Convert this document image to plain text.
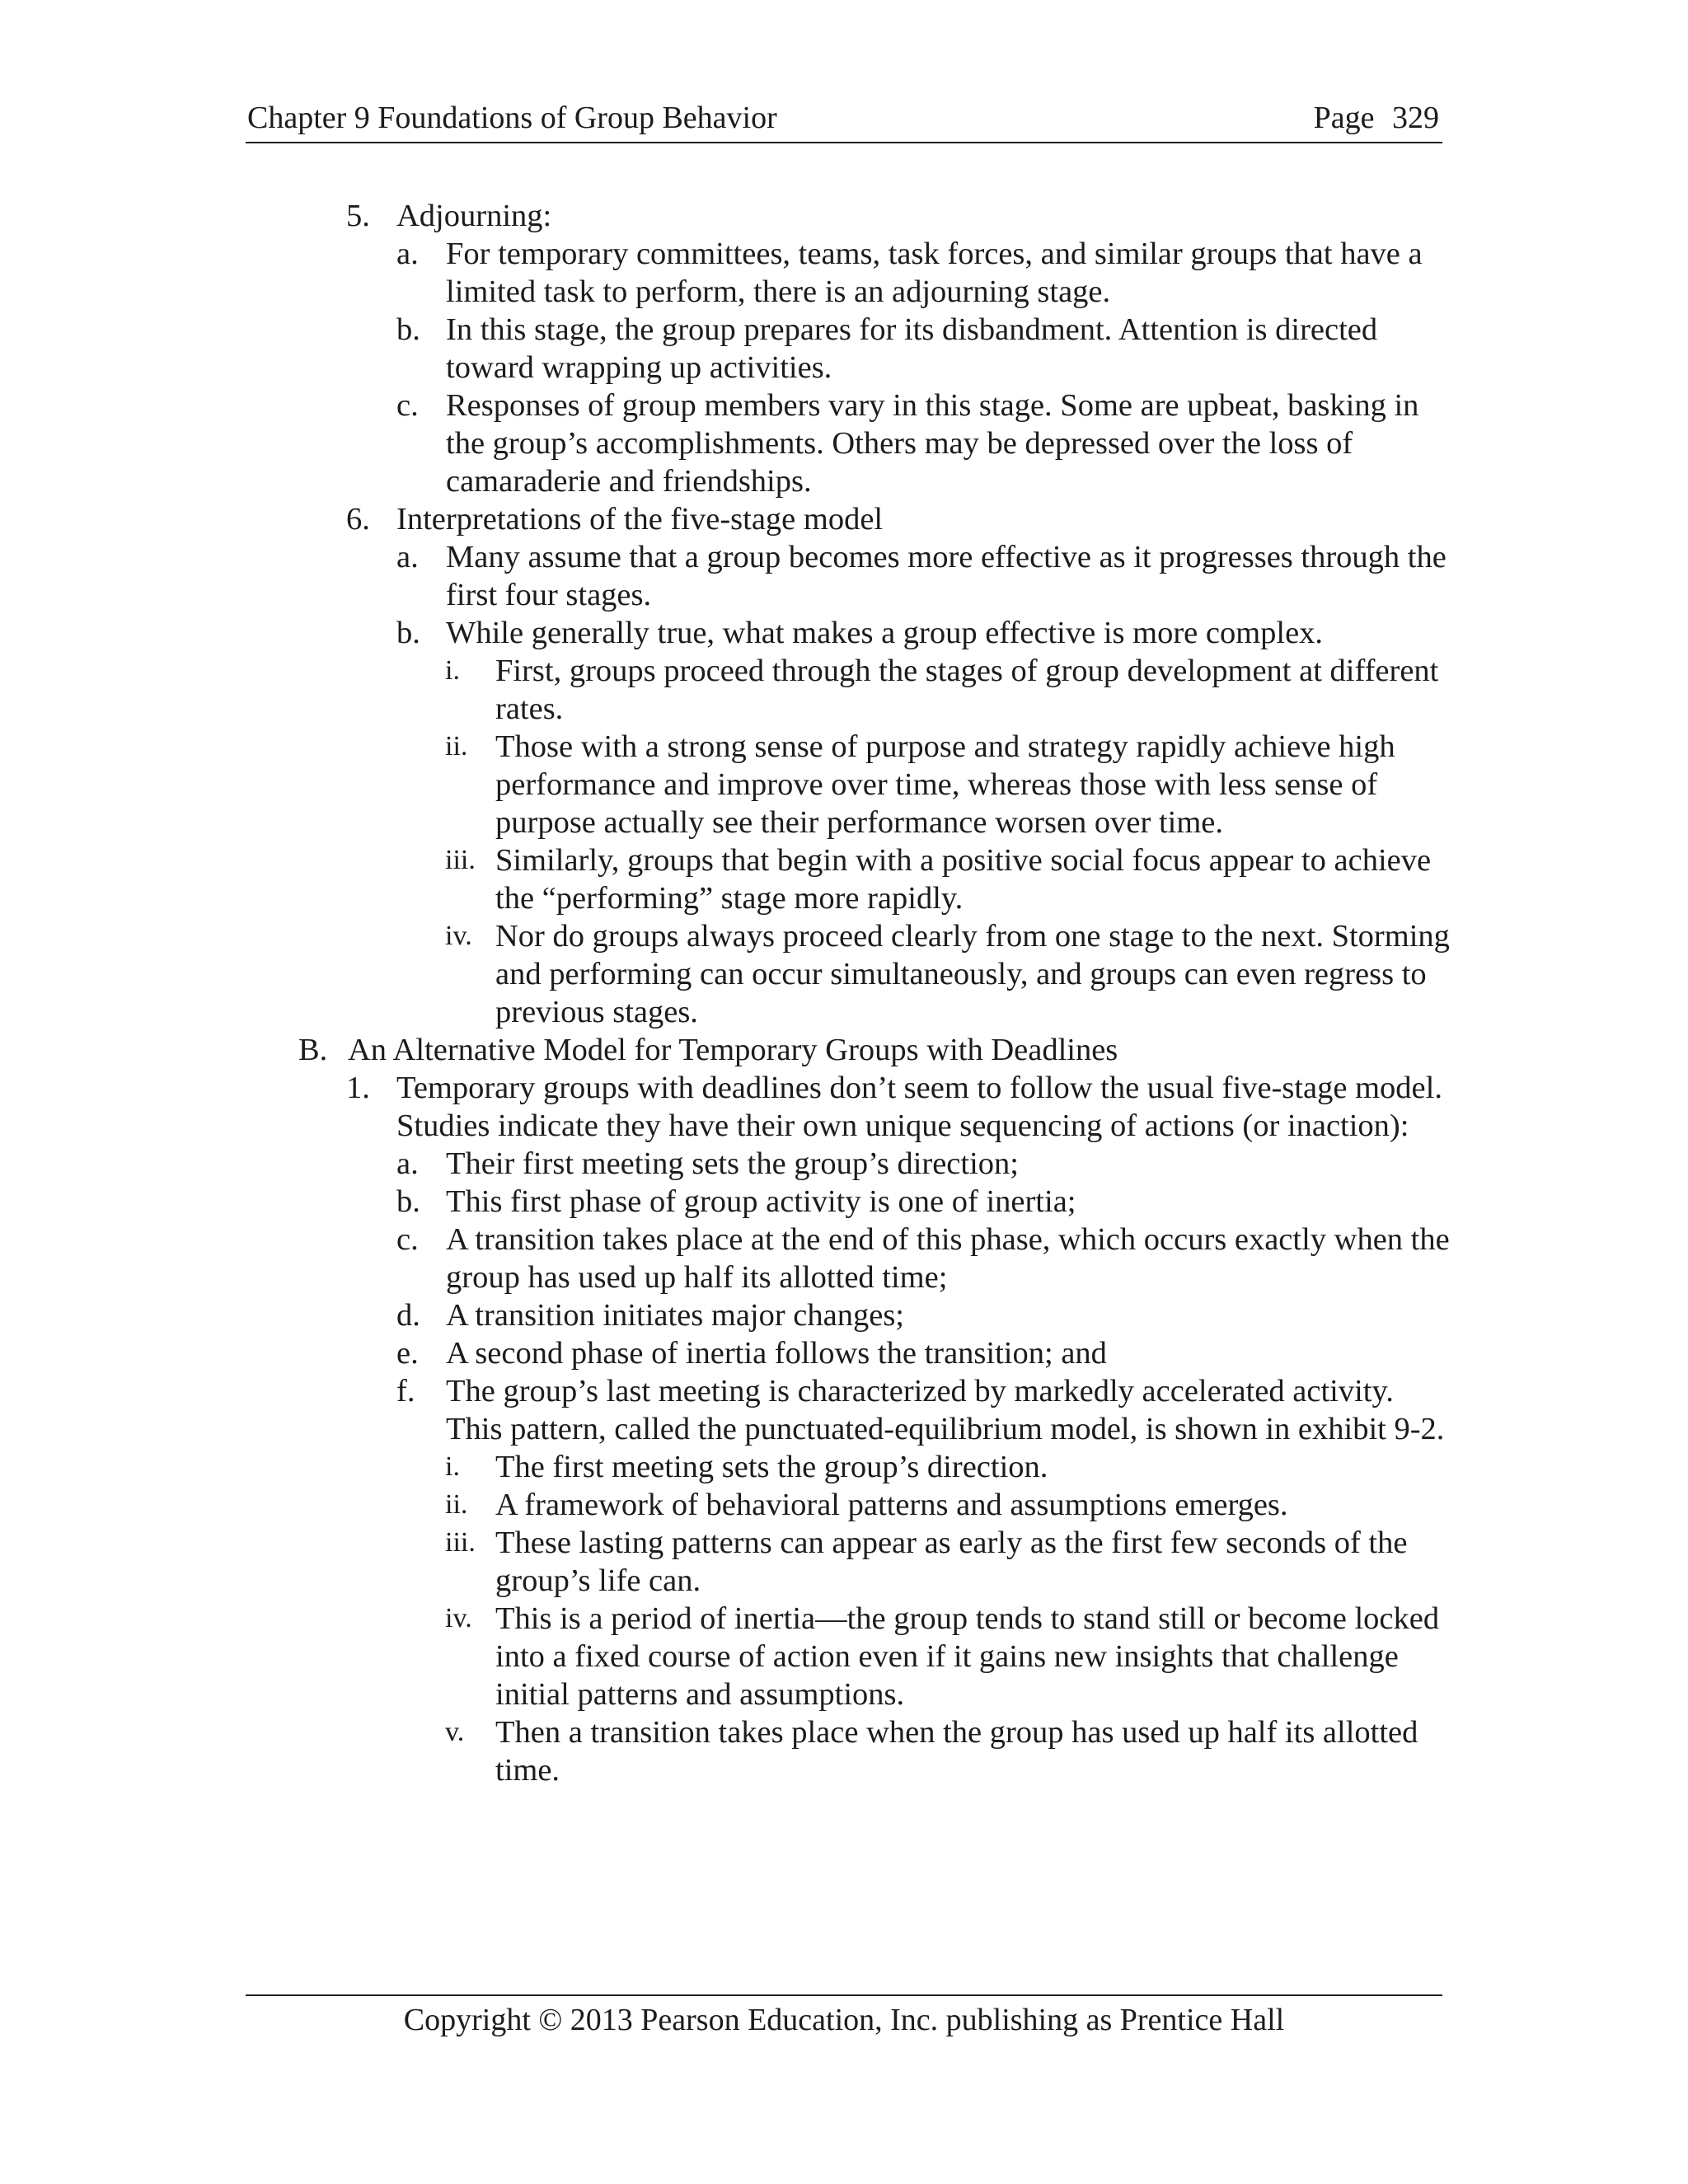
Chapter 9 Foundations of Group Behavior	Page 329
5. Adjourning:
a. For temporary committees, teams, task forces, and similar groups that have a limited task to perform, there is an adjourning stage.
b. In this stage, the group prepares for its disbandment. Attention is directed toward wrapping up activities.
c. Responses of group members vary in this stage. Some are upbeat, basking in the group’s accomplishments. Others may be depressed over the loss of camaraderie and friendships.
6. Interpretations of the five-stage model
a. Many assume that a group becomes more effective as it progresses through the first four stages.
b. While generally true, what makes a group effective is more complex.
i. First, groups proceed through the stages of group development at different rates.
ii. Those with a strong sense of purpose and strategy rapidly achieve high performance and improve over time, whereas those with less sense of purpose actually see their performance worsen over time.
iii. Similarly, groups that begin with a positive social focus appear to achieve the “performing” stage more rapidly.
iv. Nor do groups always proceed clearly from one stage to the next. Storming and performing can occur simultaneously, and groups can even regress to previous stages.
B. An Alternative Model for Temporary Groups with Deadlines
1. Temporary groups with deadlines don’t seem to follow the usual five-stage model. Studies indicate they have their own unique sequencing of actions (or inaction):
a. Their first meeting sets the group’s direction;
b. This first phase of group activity is one of inertia;
c. A transition takes place at the end of this phase, which occurs exactly when the group has used up half its allotted time;
d. A transition initiates major changes;
e. A second phase of inertia follows the transition; and
f. The group’s last meeting is characterized by markedly accelerated activity. This pattern, called the punctuated-equilibrium model, is shown in exhibit 9-2.
i. The first meeting sets the group’s direction.
ii. A framework of behavioral patterns and assumptions emerges.
iii. These lasting patterns can appear as early as the first few seconds of the group’s life can.
iv. This is a period of inertia—the group tends to stand still or become locked into a fixed course of action even if it gains new insights that challenge initial patterns and assumptions.
v. Then a transition takes place when the group has used up half its allotted time.
Copyright © 2013 Pearson Education, Inc. publishing as Prentice Hall
